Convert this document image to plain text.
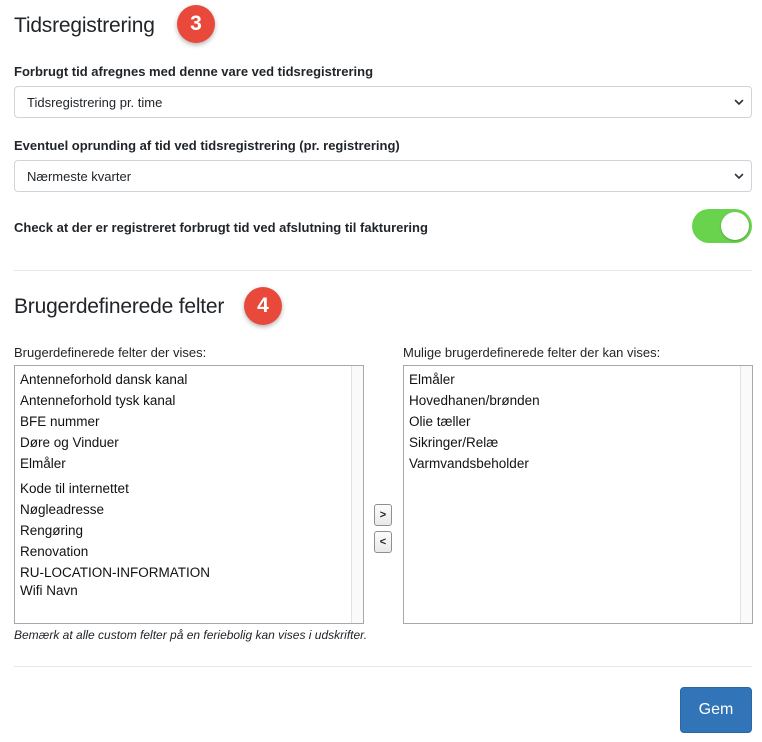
Tidsregistrering	3
Forbrugt tid afregnes med denne vare ved tidsregistrering
Tidsregistrering pr. time
Eventuel oprunding af tid ved tidsregistrering (pr. registrering)
Nærmeste kvarter
Check at der er registreret forbrugt tid ved afslutning til fakturering
Brugerdefinerede felter	4
Brugerdefinerede felter der vises:	Mulige brugerdefinerede felter der kan vises:
Antenneforhold dansk kanal
Antenneforhold tysk kanal
BFE nummer
Døre og Vinduer
Elmåler
Kode til internettet
Nøgleadresse
Rengøring
Renovation
RU-LOCATION-INFORMATION
Wifi Navn
>
<
Elmåler
Hovedhanen/brønden
Olie tæller
Sikringer/Relæ
Varmvandsbeholder
Bemærk at alle custom felter på en feriebolig kan vises i udskrifter.
Gem
